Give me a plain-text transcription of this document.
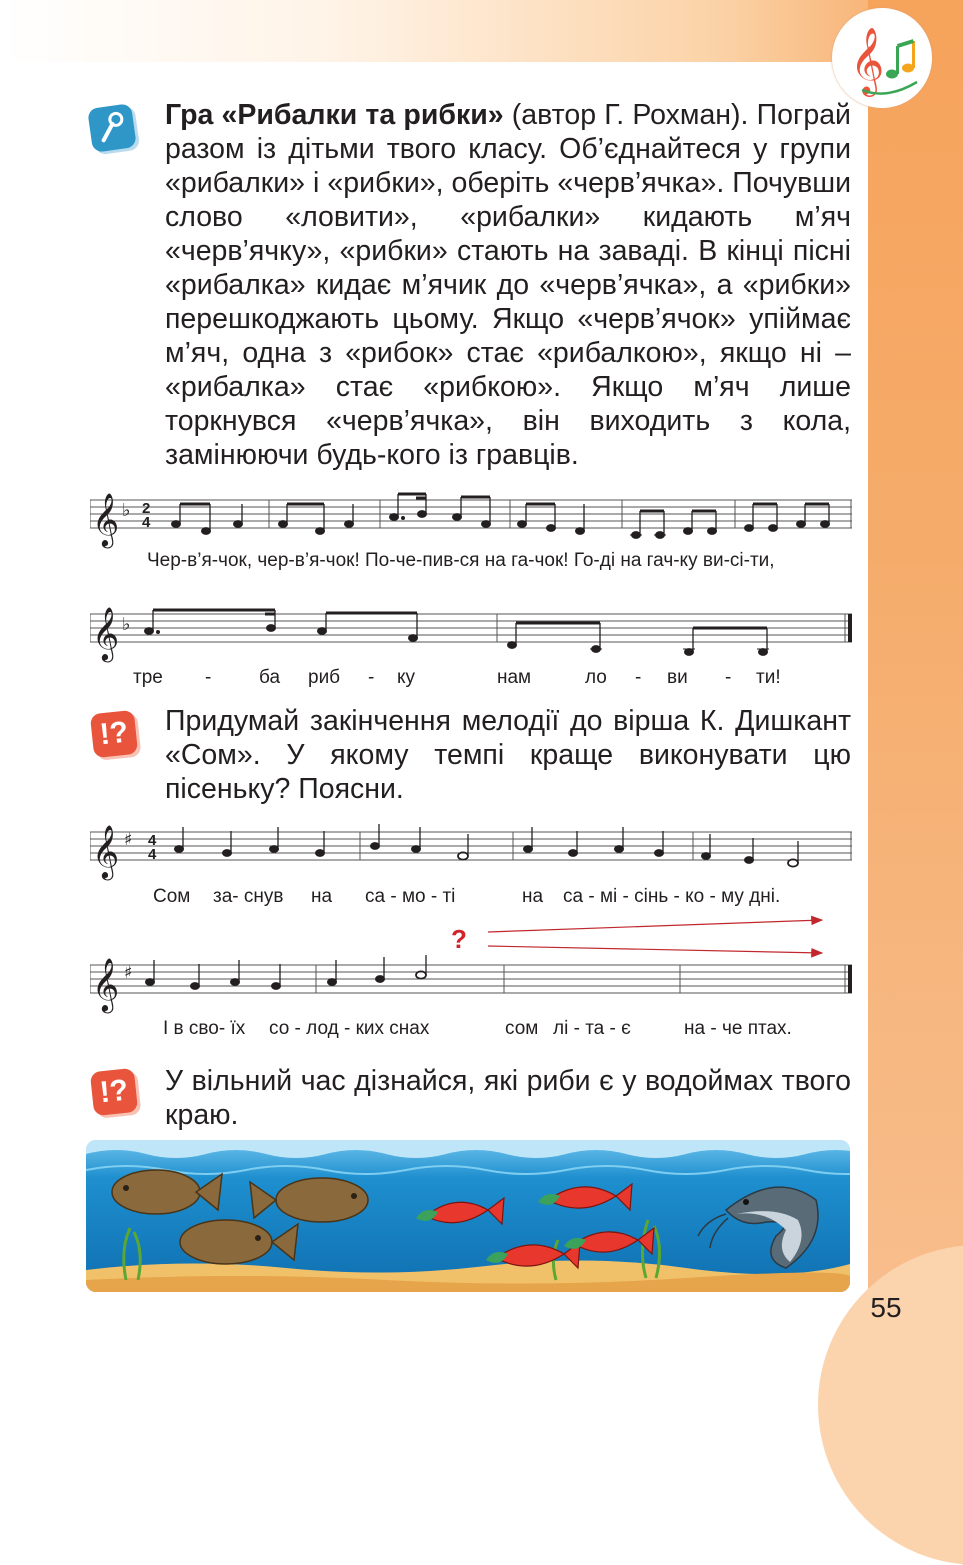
𝄞
55
Гра «Рибалки та рибки» (автор Г. Рохман). Пограй разом із дітьми твого класу. Об’єднайтеся у групи «рибалки» і «рибки», оберіть «черв’ячка». Почувши слово «ловити», «рибалки» кидають м’яч «черв’ячку», «рибки» стають на заваді. В кінці пісні «рибалка» кидає м’ячик до «черв’ячка», а «рибки» перешкоджають цьому. Якщо «черв’ячок» упіймає м’яч, одна з «рибок» стає «рибалкою», якщо ні – «рибалка» стає «рибкою». Якщо м’яч лише торкнувся «черв’ячка», він виходить з кола, замінюючи будь-кого із гравців.
𝄞 ♭ 2
4
Чер-в’я-чок, чер-в’я-чок! По-че-пив-ся на га-чок! Го-ді на гач-ку ви-сі-ти,
𝄞 ♭
тре -	ба риб - ку	нам	ло - ви - ти!
!? Придумай закінчення мелодії до вірша К. Дишкант «Сом». У якому темпі краще виконувати цю пісеньку? Поясни.
𝄞 ♯ 4
4
Сом за- снув на са - мо - ті	на са - мі - сінь - ко - му дні.
?
𝄞 ♯
І в сво- їх со - лод - ких снах	сом лі - та - є	на - че птах.
!? У вільний час дізнайся, які риби є у водоймах твого краю.
